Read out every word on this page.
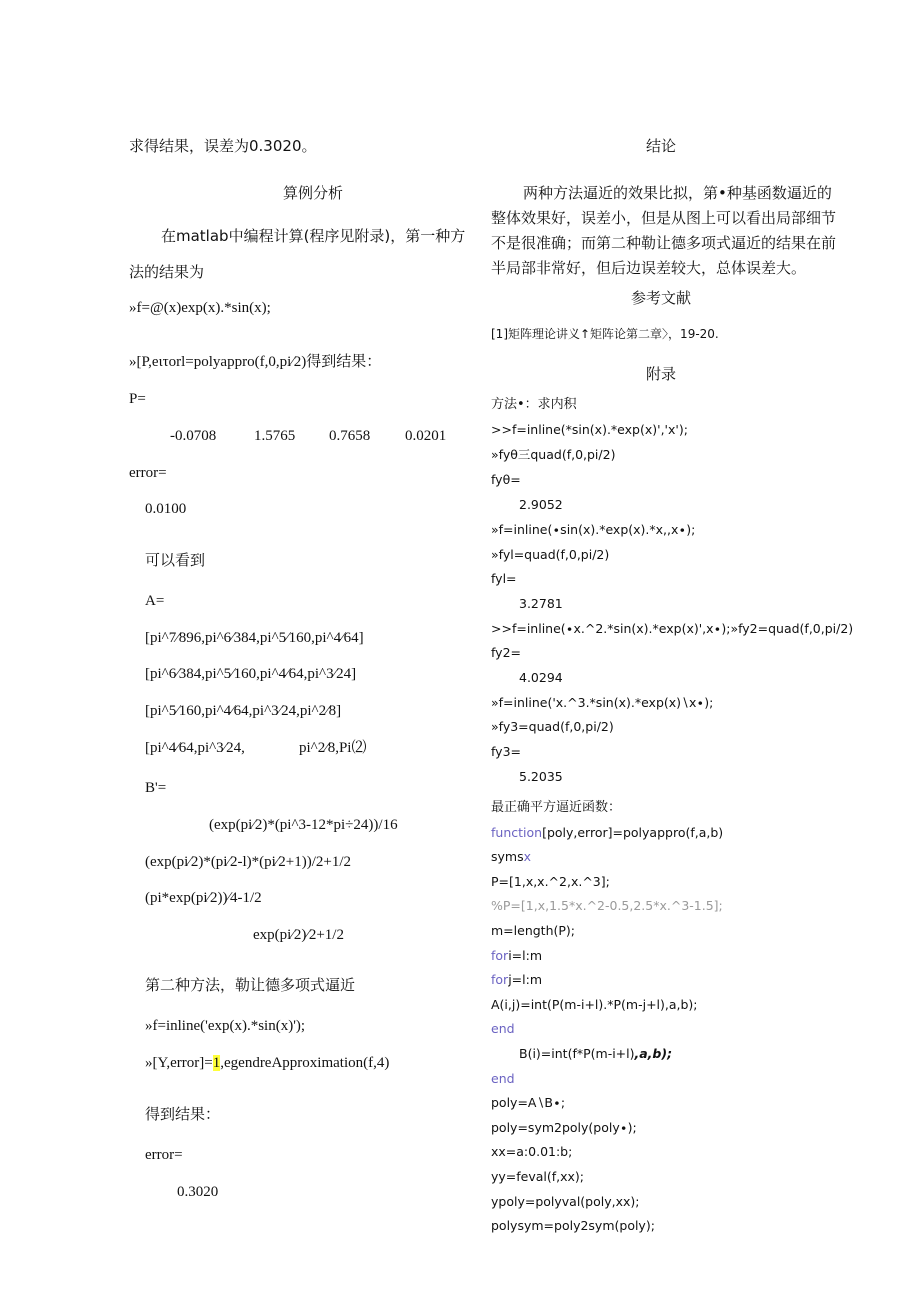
求得结果，误差为0.3020。
算例分析
在matlab中编程计算(程序见附录)，第一种方法的结果为
»f=@(x)exp(x).*sin(x);
»[P,eιτorl=polyappro(f,0,pi∕2)得到结果：
P=
-0.0708	1.5765 0.7658 0.0201
error=
0.0100
可以看到
A=
[pi^7∕896,pi^6∕384,pi^5∕160,pi^4∕64]
[pi^6∕384,pi^5∕160,pi^4∕64,pi^3∕24]
[pi^5∕160,pi^4∕64,pi^3∕24,pi^2∕8]
[pi^4∕64,pi^3∕24,	pi^2∕8,Pi⑵
B'=
(exp(pi∕2)*(pi^3-12*pi÷24))/16
(exp(pi∕2)*(pi∕2-l)*(pi∕2+1))/2+1/2
(pi*exp(pi∕2))∕4-1/2
exp(pi∕2)∕2+1/2
第二种方法，勒让德多项式逼近
»f=inline('exp(x).*sin(x)');
»[Y,error]=1,egendreApproximation(f,4)
得到结果：
error=
0.3020
结论
两种方法逼近的效果比拟，第•种基函数逼近的整体效果好，误差小，但是从图上可以看出局部细节不是很准确；而第二种勒让德多项式逼近的结果在前半局部非常好，但后边误差较大，总体误差大。
参考文献
[1]矩阵理论讲义↑矩阵论第二章〉，19-20.
附录
方法•：求内积
>>f=inline(*sin(x).*exp(x)','x');
»fyθ三quad(f,0,pi∕2)
fyθ=
2.9052
»f=inline(∙sin(x).*exp(x).*x,,x∙);
»fyl=quad(f,0,pi∕2)
fyl=
3.2781
>>f=inline(∙x.^2.*sin(x).*exp(x)',x∙);»fy2=quad(f,0,pi∕2)
fy2=
4.0294
»f=inline('x.^3.*sin(x).*exp(x)∖x∙);
»fy3=quad(f,0,pi∕2)
fy3=
5.2035
最正确平方逼近函数：
function[poly,error]=polyappro(f,a,b)
symsx
P=[1,x,x.^2,x.^3];
%P=[1,x,1.5*x.^2-0.5,2.5*x.^3-1.5];
m=length(P);
fori=l:m
forj=l:m
A(i,j)=int(P(m-i+l).*P(m-j+l),a,b);
end
B(i)=int(f*P(m-i+l),a,b);
end
poly=A∖B∙;
poly=sym2poly(poly∙);
xx=a:0.01:b;
yy=feval(f,xx);
ypoly=polyval(poly,xx);
polysym=poly2sym(poly);
